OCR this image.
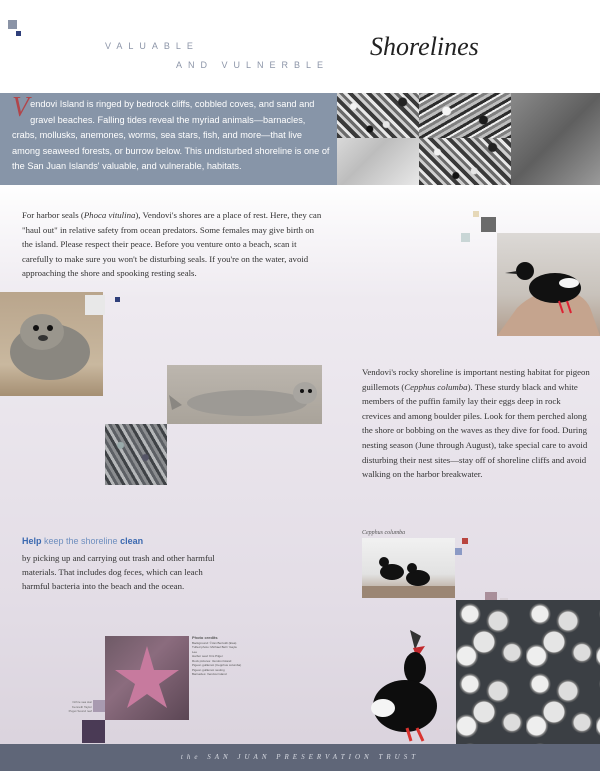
VALUABLE
AND VULNERBLE
Shorelines
V endovi Island is ringed by bedrock cliffs, cobbled coves, and sand and gravel beaches. Falling tides reveal the myriad animals—barnacles, crabs, mollusks, anemones, worms, sea stars, fish, and more—that live among seaweed forests, or burrow below. This undisturbed shoreline is one of the San Juan Islands' valuable, and vulnerable, habitats.
For harbor seals (Phoca vitulina), Vendovi's shores are a place of rest. Here, they can "haul out" in relative safety from ocean predators. Some females may give birth on the island. Please respect their peace. Before you venture onto a beach, scan it carefully to make sure you won't be disturbing seals. If you're on the water, avoid approaching the shore and spooking resting seals.
Vendovi's rocky shoreline is important nesting habitat for pigeon guillemots (Cepphus columba). These sturdy black and white members of the puffin family lay their eggs deep in rock crevices and among boulder piles. Look for them perched along the shore or bobbing on the waves as they dive for food. During nesting season (June through August), take special care to avoid disturbing their nest sites—stay off of shoreline cliffs and avoid walking on the harbor breakwater.
Help keep the shoreline clean
by picking up and carrying out trash and other harmful materials. That includes dog feces, which can leach harmful bacteria into the beach and the ocean.
Cepphus columba
Photo credits
Background: ©Jan Bertoldi (Ewa)
Tufted photo: Michael Bell / Gayle Lee
Harbor seal: Kris Pilger
Rock pictures: Vendovi Island
Pigeon guillemot (Cepphus columba)
Pigeon guillemot nesting
Barnacles: Vendovi Island
Ochre sea star
Kenneth Taylor
Puget Sound reef
the SAN JUAN PRESERVATION TRUST
